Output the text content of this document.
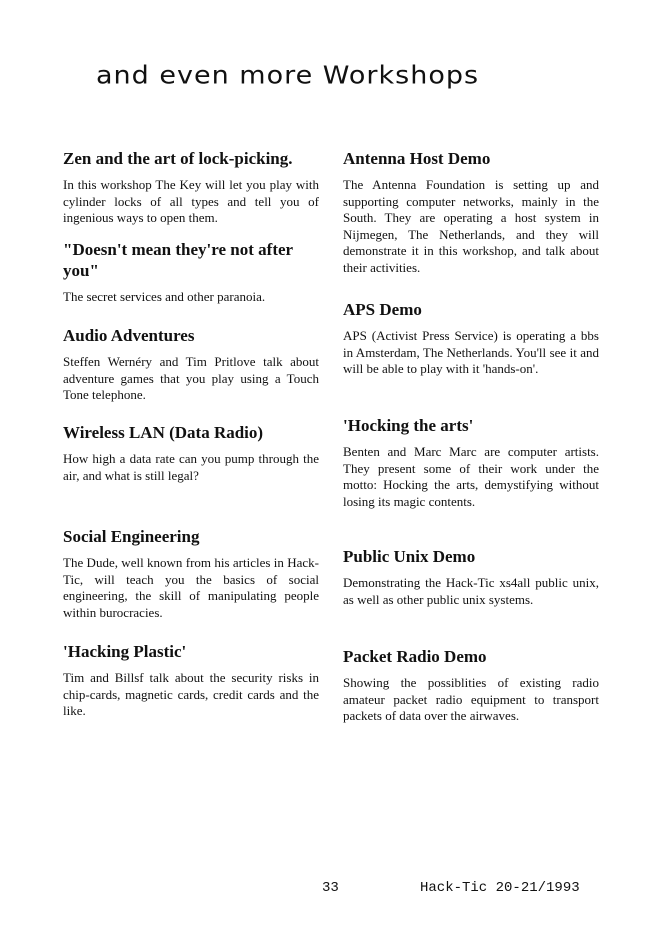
and even more Workshops
Zen and the art of lock-picking.

In this workshop The Key will let you play with cylinder locks of all types and tell you of ingenious ways to open them.

"Doesn't mean they're not after you"

The secret services and other paranoia.

Audio Adventures

Steffen Wernéry and Tim Pritlove talk about adventure games that you play using a Touch Tone telephone.

Wireless LAN (Data Radio)

How high a data rate can you pump through the air, and what is still legal?

Social Engineering

The Dude, well known from his articles in Hack-Tic, will teach you the basics of social engineering, the skill of manipulating people within burocracies.

'Hacking Plastic'

Tim and Billsf talk about the security risks in chip-cards, magnetic cards, credit cards and the like.

Antenna Host Demo

The Antenna Foundation is setting up and supporting computer networks, mainly in the South. They are operating a host system in Nijmegen, The Netherlands, and they will demonstrate it in this workshop, and talk about their activities.

APS Demo

APS (Activist Press Service) is operating a bbs in Amsterdam, The Netherlands. You'll see it and will be able to play with it 'hands-on'.

'Hocking the arts'

Benten and Marc Marc are computer artists. They present some of their work under the motto: Hocking the arts, demystifying without losing its magic contents.

Public Unix Demo

Demonstrating the Hack-Tic xs4all public unix, as well as other public unix systems.

Packet Radio Demo

Showing the possiblities of existing radio amateur packet radio equipment to transport packets of data over the airwaves.

33	Hack-Tic 20-21/1993
